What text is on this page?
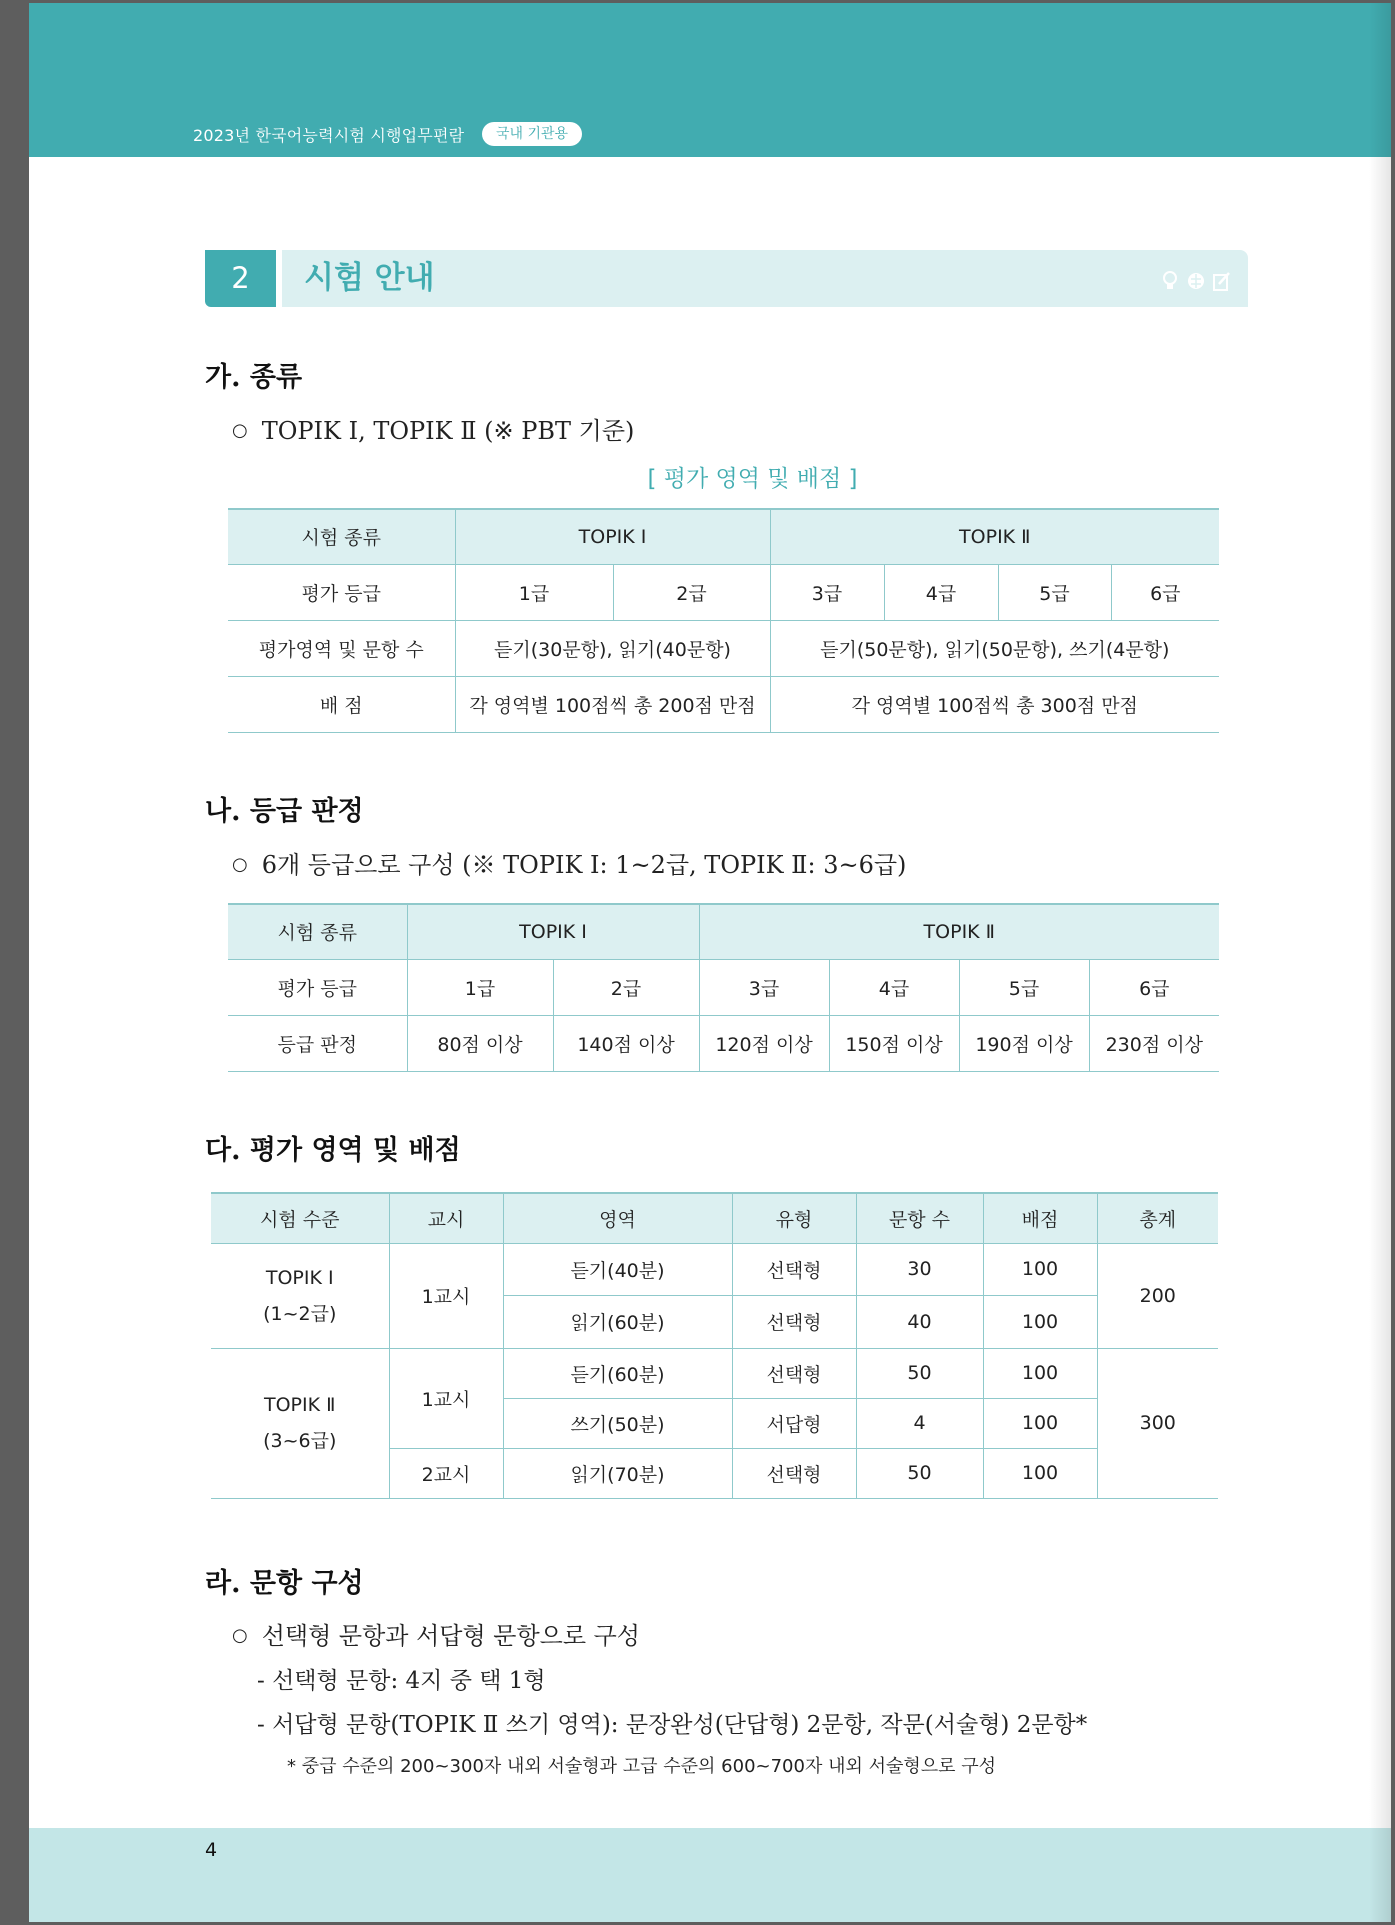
2023년 한국어능력시험 시행업무편람	국내 기관용
2	시험 안내
가. 종류
○ TOPIK Ⅰ, TOPIK Ⅱ (※ PBT 기준)
[ 평가 영역 및 배점 ]
시험 종류	TOPIK Ⅰ		TOPIK Ⅱ			
평가 등급	1급	2급	3급	4급	5급	6급
평가영역 및 문항 수	듣기(30문항), 읽기(40문항)		듣기(50문항), 읽기(50문항), 쓰기(4문항)			
배 점	각 영역별 100점씩 총 200점 만점		각 영역별 100점씩 총 300점 만점			
나. 등급 판정
○ 6개 등급으로 구성 (※ TOPIK Ⅰ: 1~2급, TOPIK Ⅱ: 3~6급)
시험 종류	TOPIK Ⅰ		TOPIK Ⅱ			
평가 등급	1급	2급	3급	4급	5급	6급
등급 판정	80점 이상	140점 이상	120점 이상	150점 이상	190점 이상	230점 이상
다. 평가 영역 및 배점
시험 수준	교시	영역	유형	문항 수	배점	총계

TOPIK Ⅰ
(1~2급)	1교시	듣기(40분)	선택형	30	100	200
		읽기(60분)	선택형	40	100	

TOPIK Ⅱ
(3~6급)	1교시	듣기(60분)	선택형	50	100	300
		쓰기(50분)	서답형	4	100	
	2교시	읽기(70분)	선택형	50	100	
라. 문항 구성
○ 선택형 문항과 서답형 문항으로 구성
- 선택형 문항: 4지 중 택 1형
- 서답형 문항(TOPIK Ⅱ 쓰기 영역): 문장완성(단답형) 2문항, 작문(서술형) 2문항*
* 중급 수준의 200~300자 내외 서술형과 고급 수준의 600~700자 내외 서술형으로 구성
4
